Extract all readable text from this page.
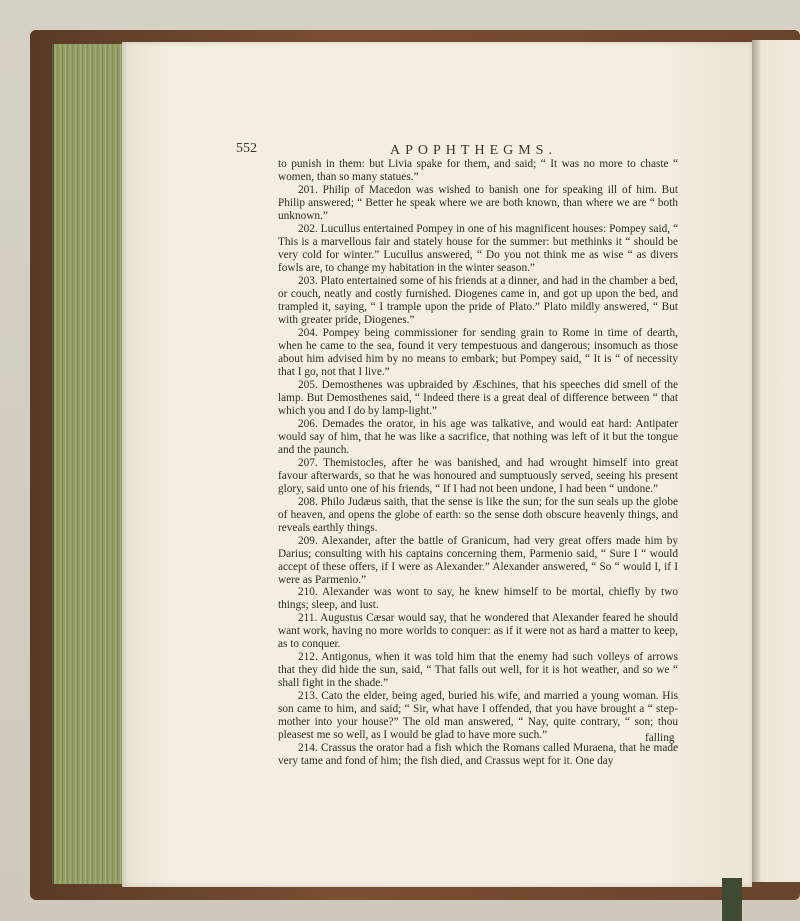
552	APOPHTHEGMS.

to punish in them: but Livia spake for them, and said; “ It was no more to chaste “ women, than so many statues.”

201. Philip of Macedon was wished to banish one for speaking ill of him. But Philip answered; “ Better he speak where we are both known, than where we are “ both unknown.”

202. Lucullus entertained Pompey in one of his magnificent houses: Pompey said, “ This is a marvellous fair and stately house for the summer: but methinks it “ should be very cold for winter.” Lucullus answered, “ Do you not think me as wise “ as divers fowls are, to change my habitation in the winter season.”

203. Plato entertained some of his friends at a dinner, and had in the chamber a bed, or couch, neatly and costly furnished. Diogenes came in, and got up upon the bed, and trampled it, saying, “ I trample upon the pride of Plato.” Plato mildly answered, “ But with greater pride, Diogenes.”

204. Pompey being commissioner for sending grain to Rome in time of dearth, when he came to the sea, found it very tempestuous and dangerous; insomuch as those about him advised him by no means to embark; but Pompey said, “ It is “ of necessity that I go, not that I live.”

205. Demosthenes was upbraided by Æschines, that his speeches did smell of the lamp. But Demosthenes said, “ Indeed there is a great deal of difference between “ that which you and I do by lamp-light.”

206. Demades the orator, in his age was talkative, and would eat hard: Antipater would say of him, that he was like a sacrifice, that nothing was left of it but the tongue and the paunch.

207. Themistocles, after he was banished, and had wrought himself into great favour afterwards, so that he was honoured and sumptuously served, seeing his present glory, said unto one of his friends, “ If I had not been undone, I had been “ undone.”

208. Philo Judæus saith, that the sense is like the sun; for the sun seals up the globe of heaven, and opens the globe of earth: so the sense doth obscure heavenly things, and reveals earthly things.

209. Alexander, after the battle of Granicum, had very great offers made him by Darius; consulting with his captains concerning them, Parmenio said, “ Sure I “ would accept of these offers, if I were as Alexander.” Alexander answered, “ So “ would I, if I were as Parmenio.”

210. Alexander was wont to say, he knew himself to be mortal, chiefly by two things; sleep, and lust.

211. Augustus Cæsar would say, that he wondered that Alexander feared he should want work, having no more worlds to conquer: as if it were not as hard a matter to keep, as to conquer.

212. Antigonus, when it was told him that the enemy had such volleys of arrows that they did hide the sun, said, “ That falls out well, for it is hot weather, and so we “ shall fight in the shade.”

213. Cato the elder, being aged, buried his wife, and married a young woman. His son came to him, and said; “ Sir, what have I offended, that you have brought a “ step-mother into your house?” The old man answered, “ Nay, quite contrary, “ son; thou pleasest me so well, as I would be glad to have more such.”

214. Crassus the orator had a fish which the Romans called Muraena, that he made very tame and fond of him; the fish died, and Crassus wept for it. One day

falling
